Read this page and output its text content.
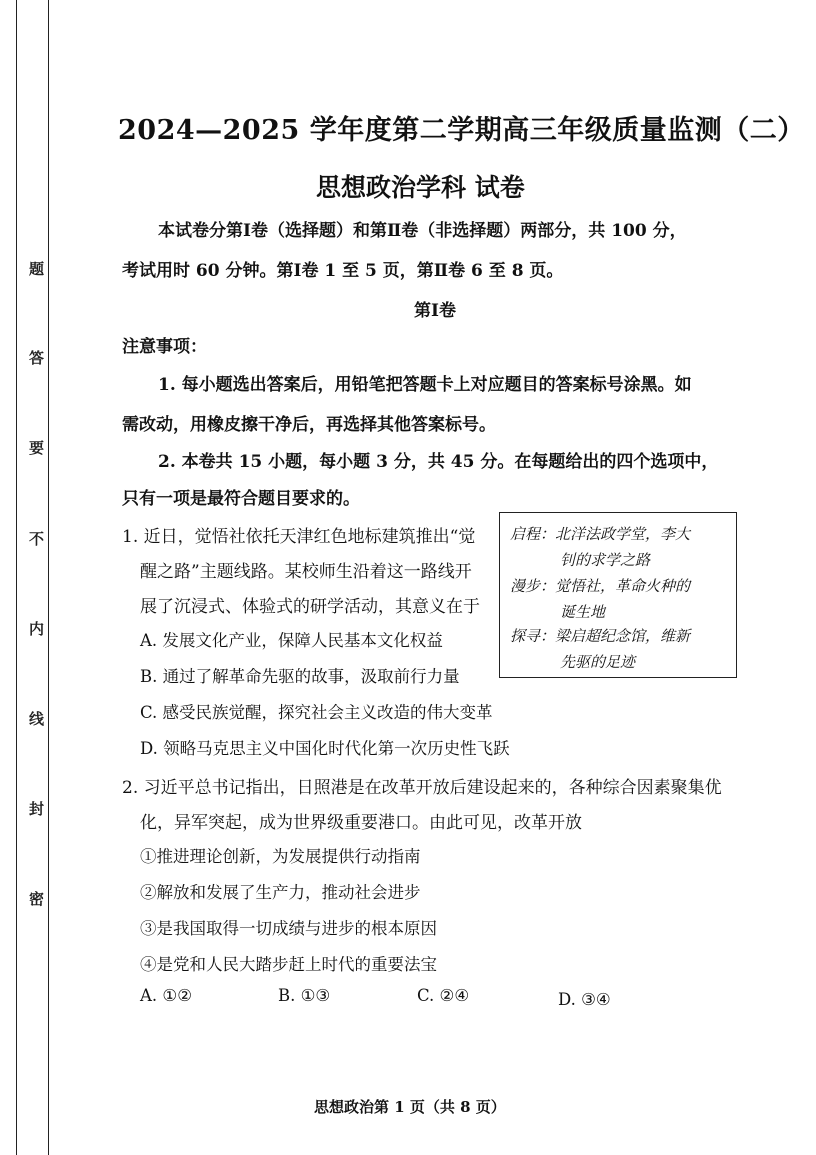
题
答
要
不
内
线
封
密
2024—2025 学年度第二学期高三年级质量监测（二）
思想政治学科 试卷
本试卷分第Ⅰ卷（选择题）和第Ⅱ卷（非选择题）两部分，共 100 分，
考试用时 60 分钟。第Ⅰ卷 1 至 5 页，第Ⅱ卷 6 至 8 页。
第Ⅰ卷
注意事项：
1. 每小题选出答案后，用铅笔把答题卡上对应题目的答案标号涂黑。如
需改动，用橡皮擦干净后，再选择其他答案标号。
2. 本卷共 15 小题，每小题 3 分，共 45 分。在每题给出的四个选项中，
只有一项是最符合题目要求的。
1. 近日，觉悟社依托天津红色地标建筑推出“觉
醒之路”主题线路。某校师生沿着这一路线开
展了沉浸式、体验式的研学活动，其意义在于
A. 发展文化产业，保障人民基本文化权益
B. 通过了解革命先驱的故事，汲取前行力量
C. 感受民族觉醒，探究社会主义改造的伟大变革
D. 领略马克思主义中国化时代化第一次历史性飞跃
启程：北洋法政学堂，李大
钊的求学之路
漫步：觉悟社，革命火种的
诞生地
探寻：梁启超纪念馆，维新
先驱的足迹
2. 习近平总书记指出，日照港是在改革开放后建设起来的，各种综合因素聚集优
化，异军突起，成为世界级重要港口。由此可见，改革开放
①推进理论创新，为发展提供行动指南
②解放和发展了生产力，推动社会进步
③是我国取得一切成绩与进步的根本原因
④是党和人民大踏步赶上时代的重要法宝
A. ①②	B. ①③	C. ②④	D. ③④
思想政治第 1 页（共 8 页）
